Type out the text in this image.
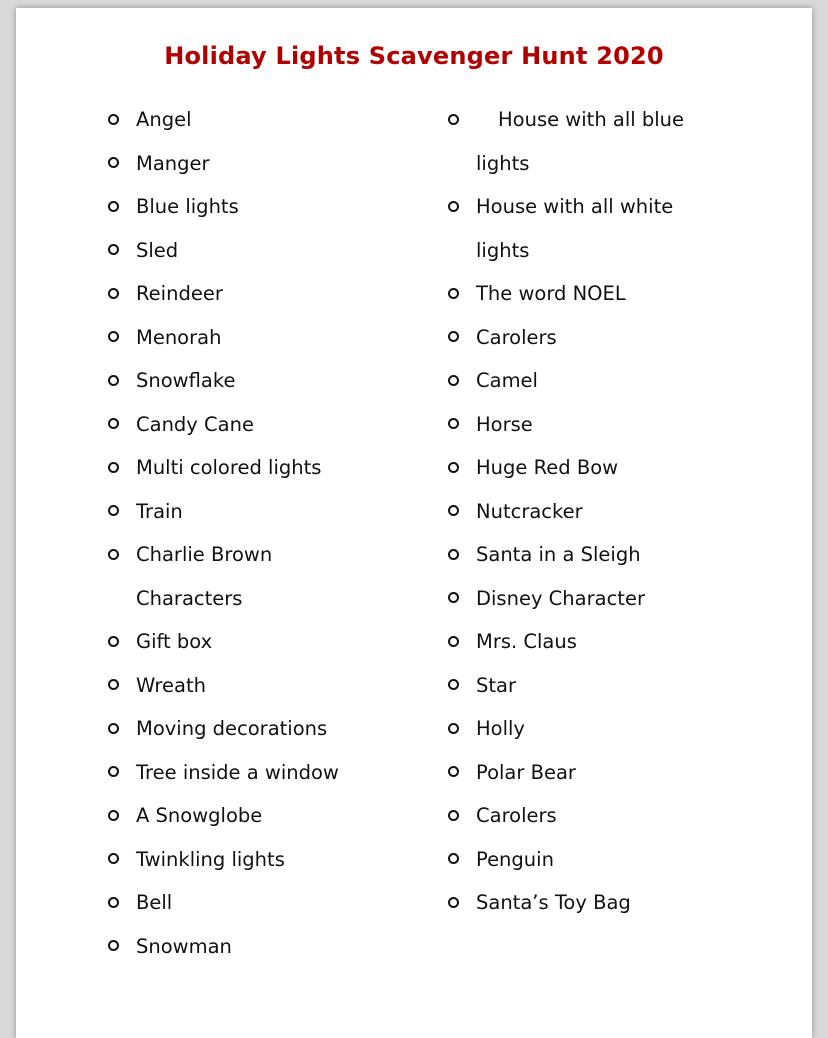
Holiday Lights Scavenger Hunt 2020
Angel
Manger
Blue lights
Sled
Reindeer
Menorah
Snowflake
Candy Cane
Multi colored lights
Train
Charlie Brown Characters
Gift box
Wreath
Moving decorations
Tree inside a window
A Snowglobe
Twinkling lights
Bell
Snowman
House with all blue lights
House with all white lights
The word NOEL
Carolers
Camel
Horse
Huge Red Bow
Nutcracker
Santa in a Sleigh
Disney Character
Mrs. Claus
Star
Holly
Polar Bear
Carolers
Penguin
Santa’s Toy Bag
